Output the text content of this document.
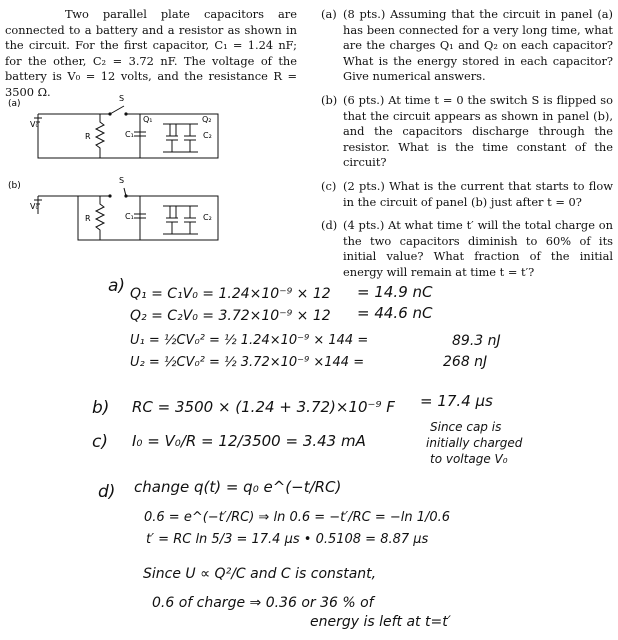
Two parallel plate capacitors are connected to a battery and a resistor as shown in the circuit. For the first capacitor, C₁ = 1.24 nF; for the other, C₂ = 3.72 nF. The voltage of the battery is V₀ = 12 volts, and the resistance R = 3500 Ω.
(a)
V₀
S
R	C₁	C₂
Q₁	Q₂
(b)
V₀
S
R	C₁	C₂
(a) (8 pts.) Assuming that the circuit in panel (a) has been connected for a very long time, what are the charges Q₁ and Q₂ on each capacitor? What is the energy stored in each capacitor? Give numerical answers.
(b) (6 pts.) At time t = 0 the switch S is flipped so that the circuit appears as shown in panel (b), and the capacitors discharge through the resistor. What is the time constant of the circuit?
(c) (2 pts.) What is the current that starts to flow in the circuit of panel (b) just after t = 0?
(d) (4 pts.) At what time t′ will the total charge on the two capacitors diminish to 60% of its initial value? What fraction of the initial energy will remain at time t = t′?
a) Q₁ = C₁V₀ = 1.24×10⁻⁹ × 12 = 14.9 nC
Q₂ = C₂V₀ = 3.72×10⁻⁹ × 12 = 44.6 nC
U₁ = ½CV₀² = ½ 1.24×10⁻⁹ × 144 =	89.3 nJ
U₂ = ½CV₀² = ½ 3.72×10⁻⁹ ×144 =	268 nJ
b) RC = 3500 × (1.24 + 3.72)×10⁻⁹ F = 17.4 μs
c) I₀ = V₀/R = 12/3500 = 3.43 mA
Since cap is
initially charged
to voltage V₀
d) change q(t) = q₀ e^(−t/RC)
0.6 = e^(−t′/RC) ⇒ ln 0.6 = −t′/RC = −ln 1/0.6
t′ = RC ln 5/3 = 17.4 μs • 0.5108 = 8.87 μs
Since U ∝ Q²/C and C is constant,
0.6 of charge ⇒ 0.36 or 36 % of
energy is left at t=t′
